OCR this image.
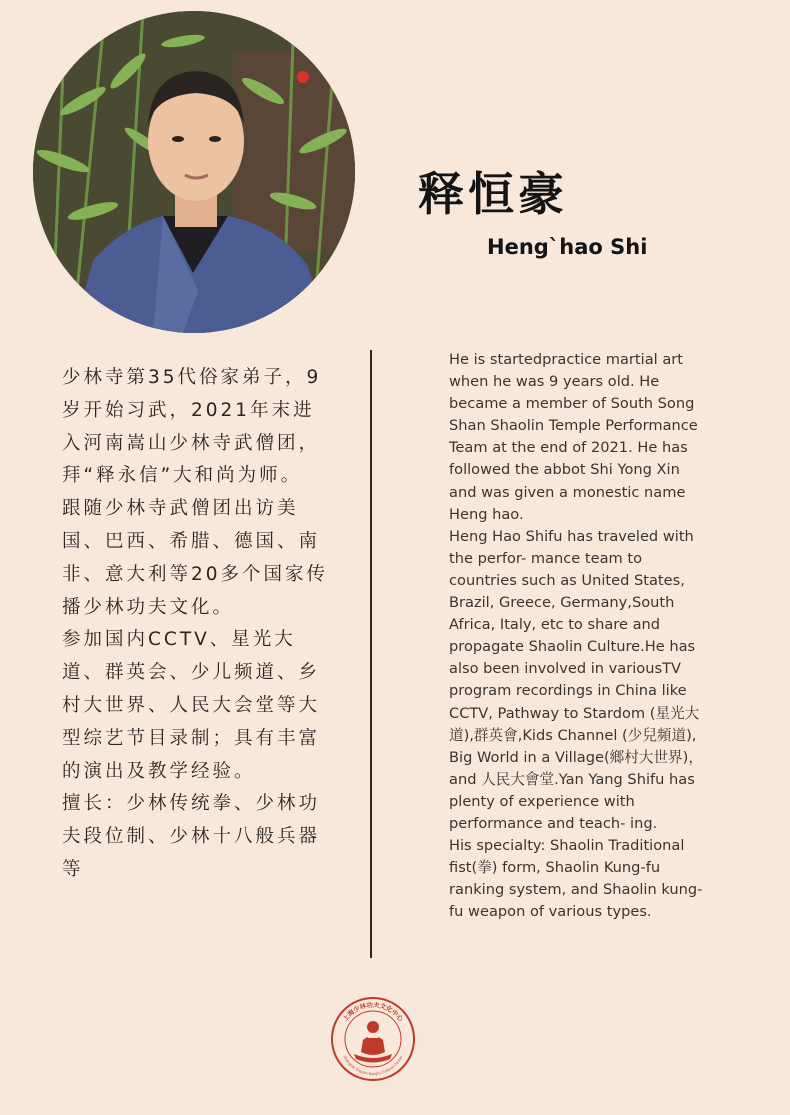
释恒豪
Heng`hao Shi

少林寺第35代俗家弟子，9岁开始习武，2021年末进入河南嵩山少林寺武僧团，拜“释永信”大和尚为师。

跟随少林寺武僧团出访美国、巴西、希腊、德国、南非、意大利等20多个国家传播少林功夫文化。

参加国内CCTV、星光大道、群英会、少儿频道、乡村大世界、人民大会堂等大型综艺节目录制；具有丰富的演出及教学经验。

擅长：少林传统拳、少林功夫段位制、少林十八般兵器等

He is startedpractice martial art when he was 9 years old. He became a member of South Song Shan Shaolin Temple Performance Team at the end of 2021. He has followed the abbot Shi Yong Xin and was given a monestic name Heng hao.

Heng Hao Shifu has traveled with the perfor- mance team to countries such as United States, Brazil, Greece, Germany,South Africa, Italy, etc to share and propagate Shaolin Culture.He has also been involved in variousTV program recordings in China like CCTV, Pathway to Stardom (星光大道),群英會,Kids Channel (少兒頻道), Big World in a Village(鄉村大世界)，and 人民大會堂.Yan Yang Shifu has plenty of experience with performance and teach- ing.

His specialty: Shaolin Traditional fist(拳) form, Shaolin Kung-fu ranking system, and Shaolin kung-fu weapon of various types.

上海少林功夫文化中心
Shanghai Shaolin Kungfu Cultural Center
